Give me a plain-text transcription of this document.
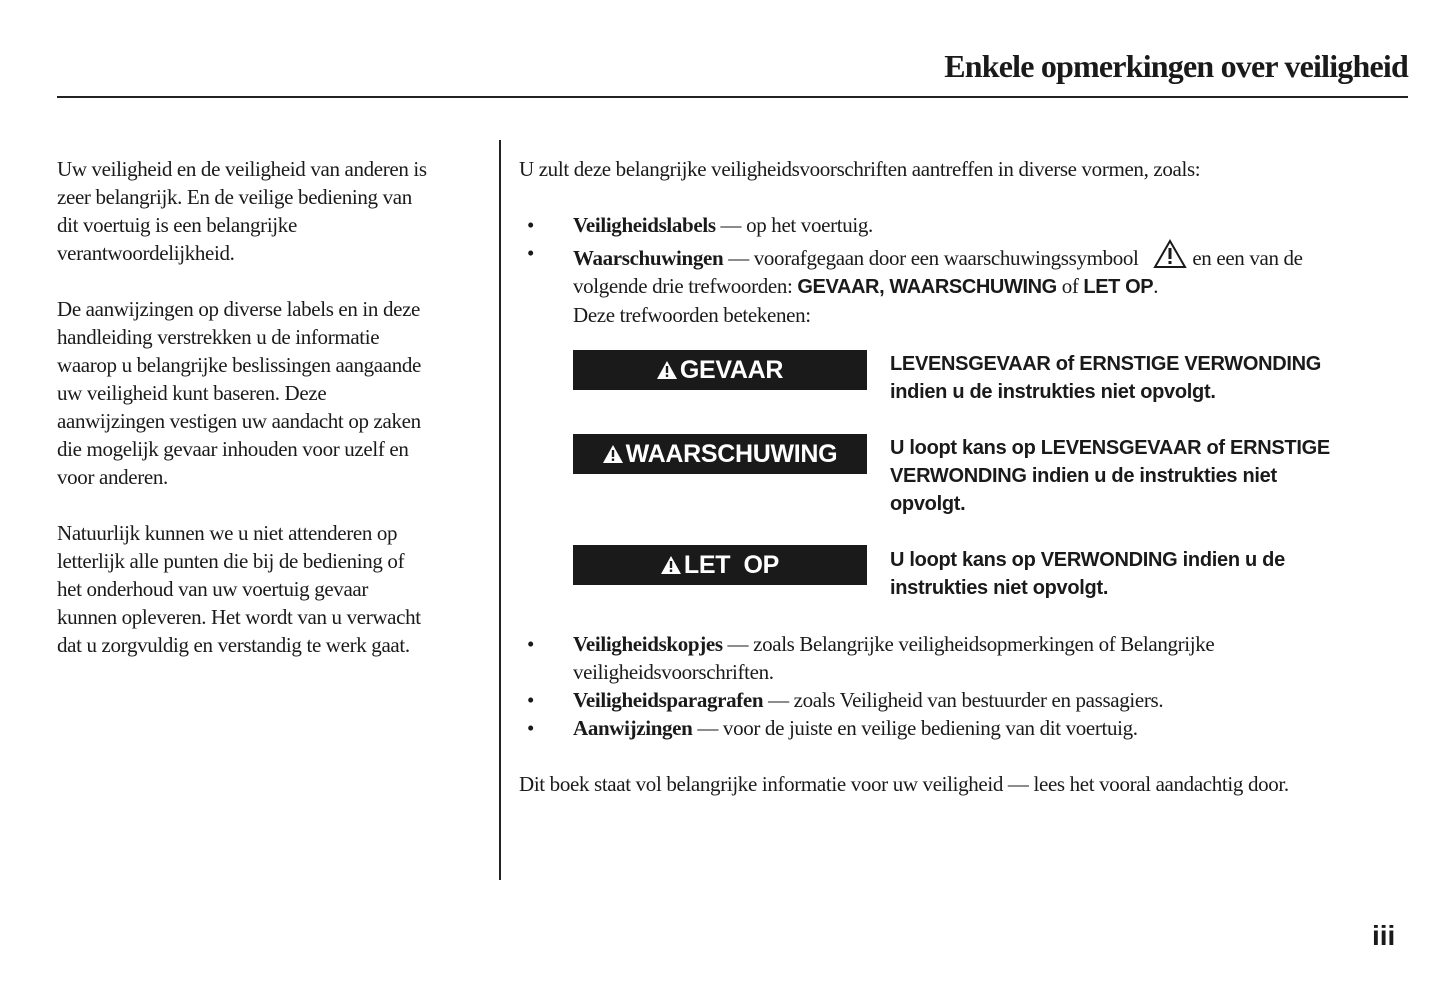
Enkele opmerkingen over veiligheid
Uw veiligheid en de veiligheid van anderen is
zeer belangrijk. En de veilige bediening van
dit voertuig is een belangrijke
verantwoordelijkheid.
De aanwijzingen op diverse labels en in deze
handleiding verstrekken u de informatie
waarop u belangrijke beslissingen aangaande
uw veiligheid kunt baseren. Deze
aanwijzingen vestigen uw aandacht op zaken
die mogelijk gevaar inhouden voor uzelf en
voor anderen.
Natuurlijk kunnen we u niet attenderen op
letterlijk alle punten die bij de bediening of
het onderhoud van uw voertuig gevaar
kunnen opleveren. Het wordt van u verwacht
dat u zorgvuldig en verstandig te werk gaat.
U zult deze belangrijke veiligheidsvoorschriften aantreffen in diverse vormen, zoals:
• Veiligheidslabels — op het voertuig.
• Waarschuwingen — voorafgegaan door een waarschuwingssymbool  en een van de
volgende drie trefwoorden: GEVAAR, WAARSCHUWING of LET OP.
Deze trefwoorden betekenen:
GEVAAR	LEVENSGEVAAR of ERNSTIGE VERWONDING
indien u de instrukties niet opvolgt.
WAARSCHUWING	U loopt kans op LEVENSGEVAAR of ERNSTIGE
VERWONDING indien u de instrukties niet
opvolgt.
LET  OP	U loopt kans op VERWONDING indien u de
instrukties niet opvolgt.
• Veiligheidskopjes — zoals Belangrijke veiligheidsopmerkingen of Belangrijke
veiligheidsvoorschriften.
• Veiligheidsparagrafen — zoals Veiligheid van bestuurder en passagiers.
• Aanwijzingen — voor de juiste en veilige bediening van dit voertuig.
Dit boek staat vol belangrijke informatie voor uw veiligheid — lees het vooral aandachtig door.
iii
